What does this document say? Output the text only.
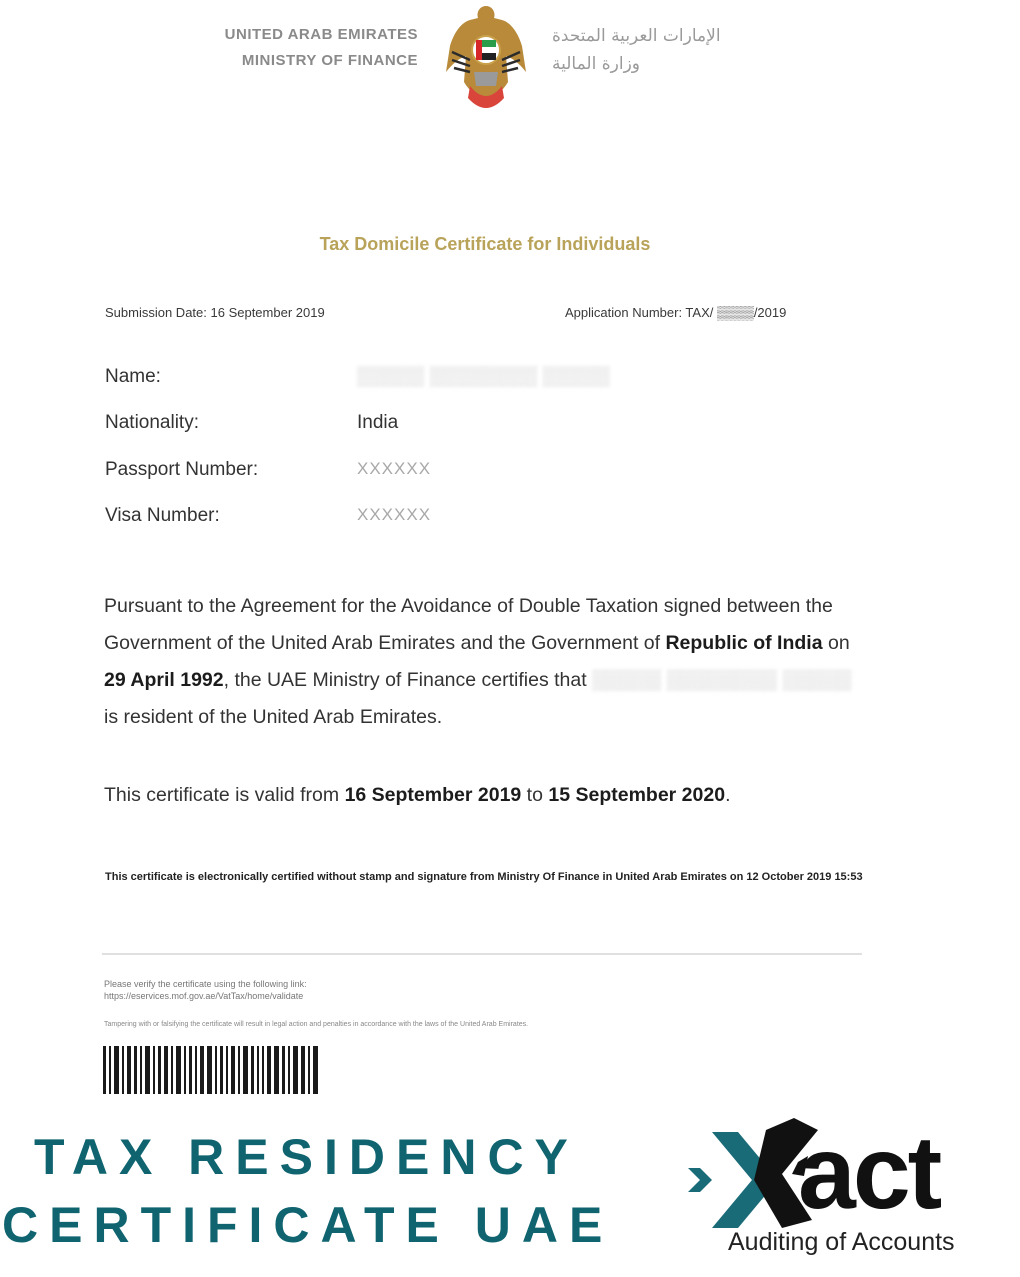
UNITED ARAB EMIRATES
MINISTRY OF FINANCE
الإمارات العربية المتحدة
وزارة المالية
Tax Domicile Certificate for Individuals
Submission Date: 16 September 2019	Application Number: TAX/ ▒▒▒▒/2019
Name:	▒▒▒▒▒ ▒▒▒▒▒▒▒▒ ▒▒▒▒▒
Nationality:	India
Passport Number:	XXXXXX
Visa Number:	XXXXXX
Pursuant to the Agreement for the Avoidance of Double Taxation signed between the Government of the United Arab Emirates and the Government of Republic of India on 29 April 1992, the UAE Ministry of Finance certifies that ▒▒▒▒▒ ▒▒▒▒▒▒▒▒ ▒▒▒▒▒ is resident of the United Arab Emirates.
This certificate is valid from 16 September 2019 to 15 September 2020.
This certificate is electronically certified without stamp and signature from Ministry Of Finance in United Arab Emirates on 12 October 2019 15:53
Please verify the certificate using the following link:
https://eservices.mof.gov.ae/VatTax/home/validate
Tampering with or falsifying the certificate will result in legal action and penalties in accordance with the laws of the United Arab Emirates.
TAX RESIDENCY
CERTIFICATE UAE act
Auditing of Accounts
